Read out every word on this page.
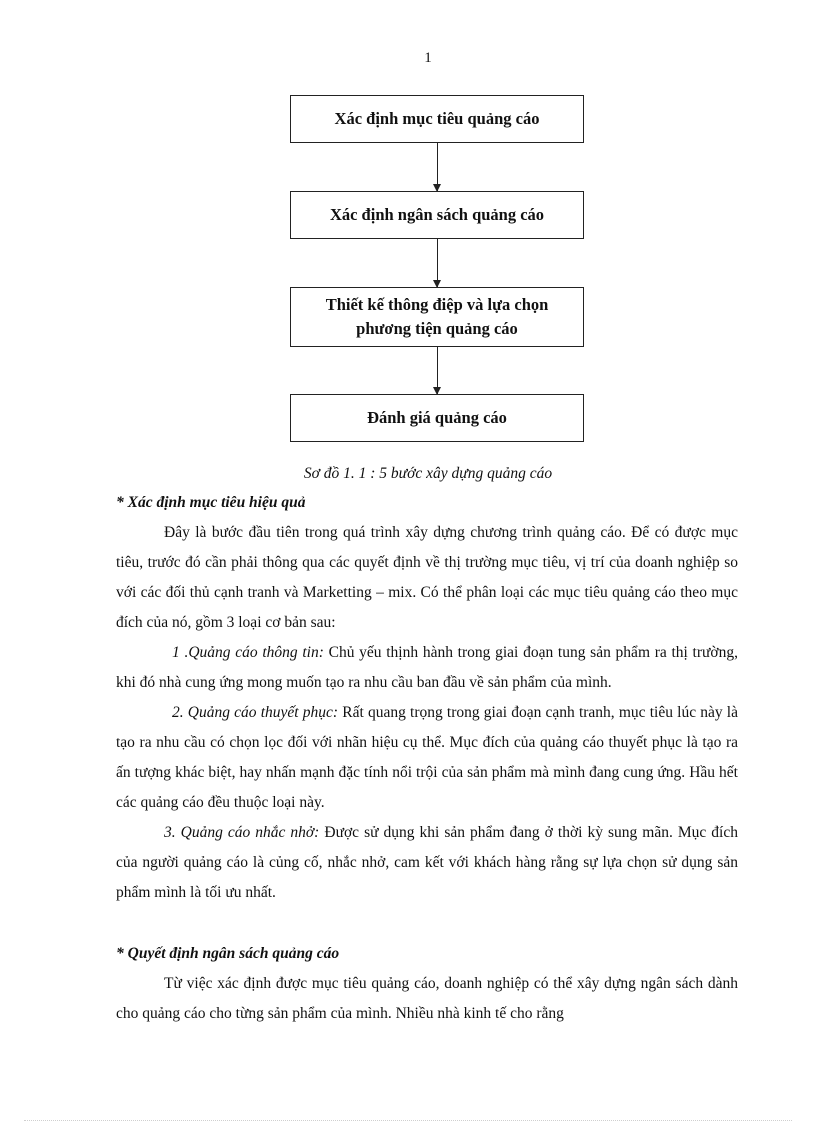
1
Xác định mục tiêu quảng cáo
Xác định ngân sách quảng cáo
Thiết kế thông điệp và lựa chọn
phương tiện quảng cáo
Đánh giá quảng cáo
Sơ đồ 1. 1 : 5 bước xây dựng quảng cáo
* Xác định mục tiêu hiệu quả

Đây là bước đầu tiên trong quá trình xây dựng chương trình quảng cáo. Để có được mục tiêu, trước đó cần phải thông qua các quyết định về thị trường mục tiêu, vị trí của doanh nghiệp so với các đối thủ cạnh tranh và Marketting – mix. Có thể phân loại các mục tiêu quảng cáo theo mục đích của nó, gồm 3 loại cơ bản sau:

1 .Quảng cáo thông tin: Chủ yếu thịnh hành trong giai đoạn tung sản phẩm ra thị trường, khi đó nhà cung ứng mong muốn tạo ra nhu cầu ban đầu về sản phẩm của mình.

2. Quảng cáo thuyết phục: Rất quang trọng trong giai đoạn cạnh tranh, mục tiêu lúc này là tạo ra nhu cầu có chọn lọc đối với nhãn hiệu cụ thể. Mục đích của quảng cáo thuyết phục là tạo ra ấn tượng khác biệt, hay nhấn mạnh đặc tính nổi trội của sản phẩm mà mình đang cung ứng. Hầu hết các quảng cáo đều thuộc loại này.

3. Quảng cáo nhắc nhở: Được sử dụng khi sản phẩm đang ở thời kỳ sung mãn. Mục đích của người quảng cáo là củng cố, nhắc nhở, cam kết với khách hàng rằng sự lựa chọn sử dụng sản phẩm mình là tối ưu nhất.

* Quyết định ngân sách quảng cáo

Từ việc xác định được mục tiêu quảng cáo, doanh nghiệp có thể xây dựng ngân sách dành cho quảng cáo cho từng sản phẩm của mình. Nhiều nhà kinh tế cho rằng
